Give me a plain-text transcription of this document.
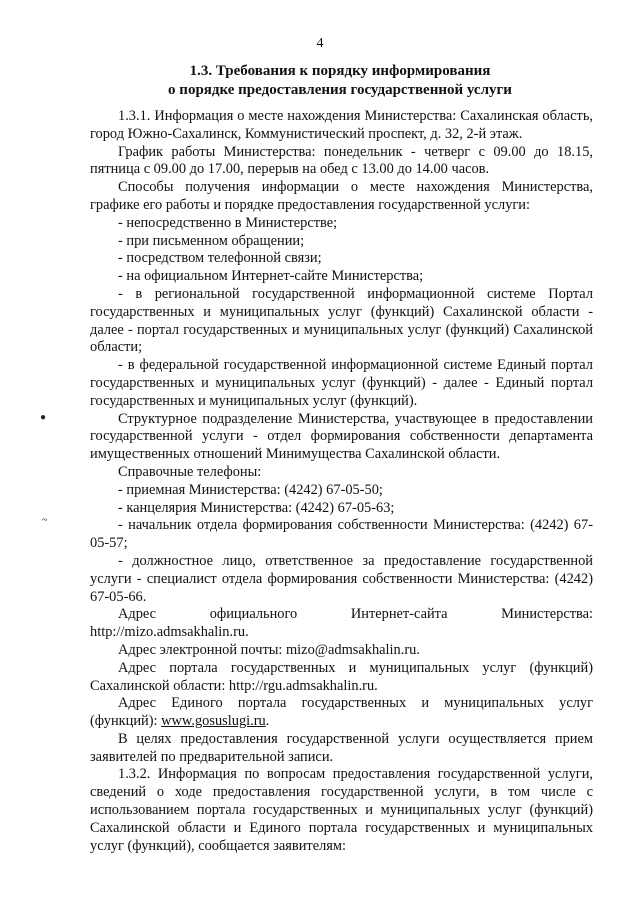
4
1.3. Требования к порядку информирования
о порядке предоставления государственной услуги

1.3.1. Информация о месте нахождения Министерства: Сахалинская область, город Южно-Сахалинск, Коммунистический проспект, д. 32, 2-й этаж.

График работы Министерства: понедельник - четверг с 09.00 до 18.15, пятница с 09.00 до 17.00, перерыв на обед с 13.00 до 14.00 часов.

Способы получения информации о месте нахождения Министерства, графике его работы и порядке предоставления государственной услуги:

- непосредственно в Министерстве;

- при письменном обращении;

- посредством телефонной связи;

- на официальном Интернет-сайте Министерства;

- в региональной государственной информационной системе Портал государственных и муниципальных услуг (функций) Сахалинской области - далее - портал государственных и муниципальных услуг (функций) Сахалинской области;

- в федеральной государственной информационной системе Единый портал государственных и муниципальных услуг (функций) - далее - Единый портал государственных и муниципальных услуг (функций).

Структурное подразделение Министерства, участвующее в предоставлении государственной услуги - отдел формирования собственности департамента имущественных отношений Минимущества Сахалинской области.

Справочные телефоны:

- приемная Министерства: (4242) 67-05-50;

- канцелярия Министерства: (4242) 67-05-63;

- начальник отдела формирования собственности Министерства: (4242) 67-05-57;

- должностное лицо, ответственное за предоставление государственной услуги - специалист отдела формирования собственности Министерства: (4242) 67-05-66.

Адрес официального Интернет-сайта Министерства: http://mizo.admsakhalin.ru.

Адрес электронной почты: mizo@admsakhalin.ru.

Адрес портала государственных и муниципальных услуг (функций) Сахалинской области: http://rgu.admsakhalin.ru.

Адрес Единого портала государственных и муниципальных услуг (функций): www.gosuslugi.ru.

В целях предоставления государственной услуги осуществляется прием заявителей по предварительной записи.

1.3.2. Информация по вопросам предоставления государственной услуги, сведений о ходе предоставления государственной услуги, в том числе с использованием портала государственных и муниципальных услуг (функций) Сахалинской области и Единого портала государственных и муниципальных услуг (функций), сообщается заявителям:

●
~
